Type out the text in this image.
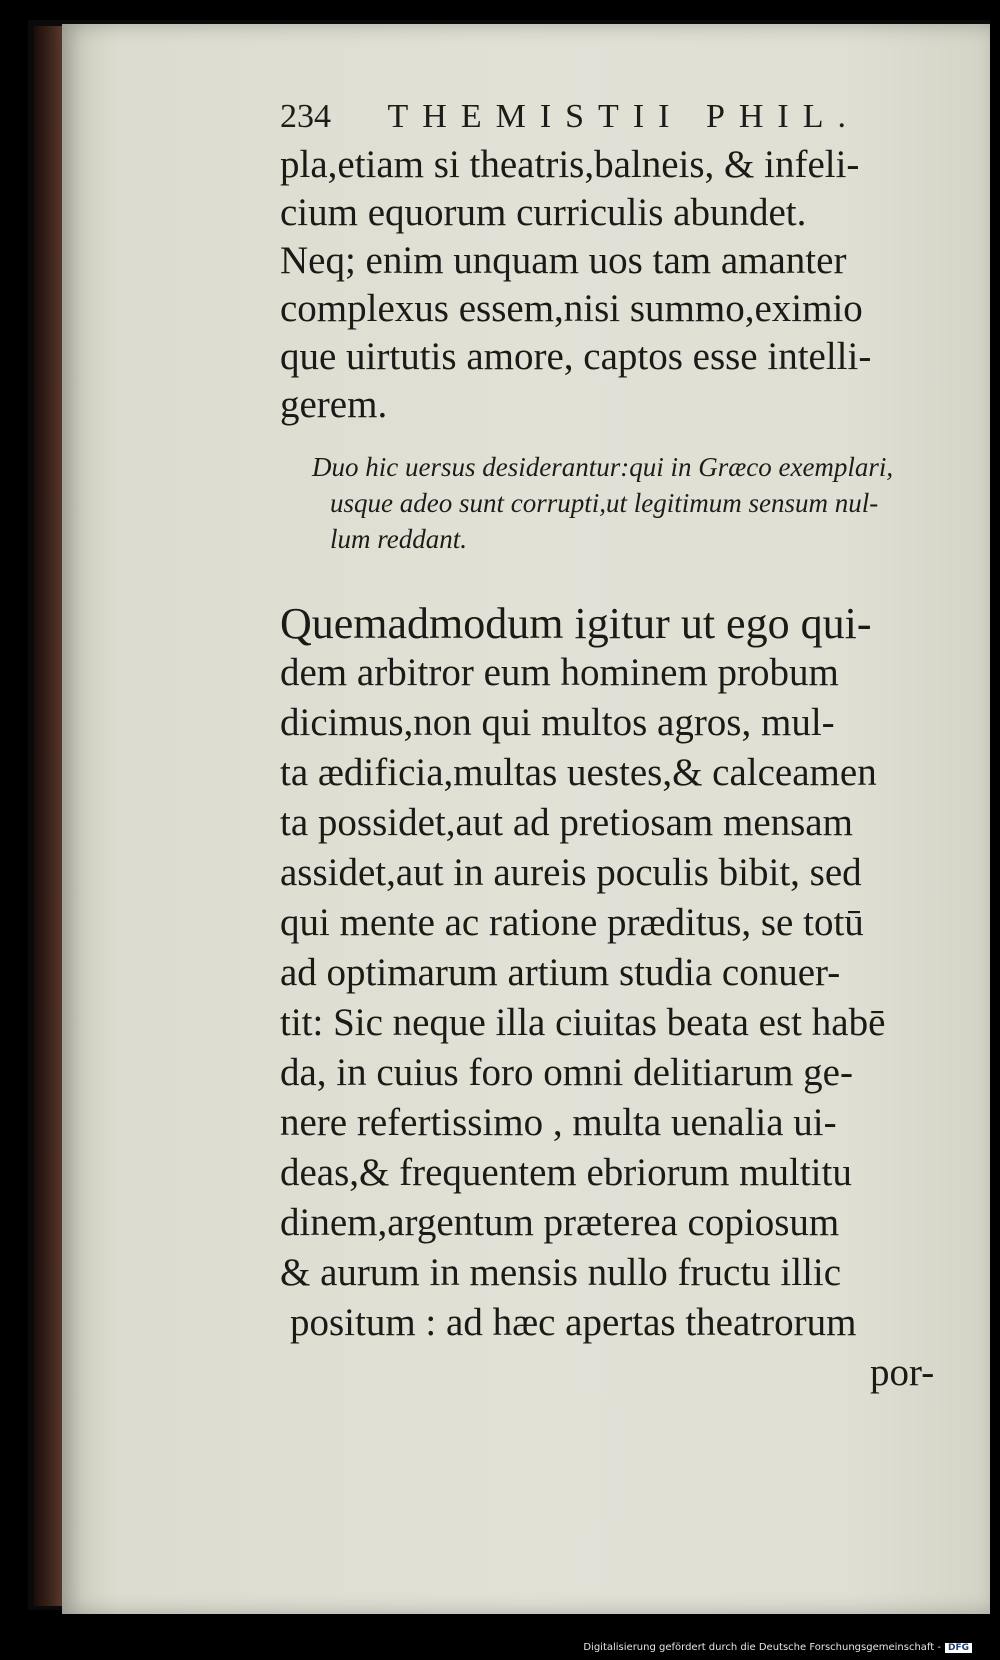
234 THEMISTII PHIL.
pla,etiam si theatris,balneis, & infeli-
cium equorum curriculis abundet.
Neq; enim unquam uos tam amanter
complexus essem,nisi summo,eximio
que uirtutis amore, captos esse intelli-
gerem.
Duo hic uersus desiderantur:qui in Græco exemplari,
usque adeo sunt corrupti,ut legitimum sensum nul-
lum reddant.
Quemadmodum igitur ut ego qui-
dem arbitror eum hominem probum
dicimus,non qui multos agros, mul-
ta ædificia,multas uestes,& calceamen
ta possidet,aut ad pretiosam mensam
assidet,aut in aureis poculis bibit, sed
qui mente ac ratione præditus, se totū
ad optimarum artium studia conuer-
tit: Sic neque illa ciuitas beata est habē
da, in cuius foro omni delitiarum ge-
nere refertissimo , multa uenalia ui-
deas,& frequentem ebriorum multitu
dinem,argentum præterea copiosum
& aurum in mensis nullo fructu illic
positum : ad hæc apertas theatrorum
por-
Digitalisierung gefördert durch die Deutsche Forschungsgemeinschaft - DFG
